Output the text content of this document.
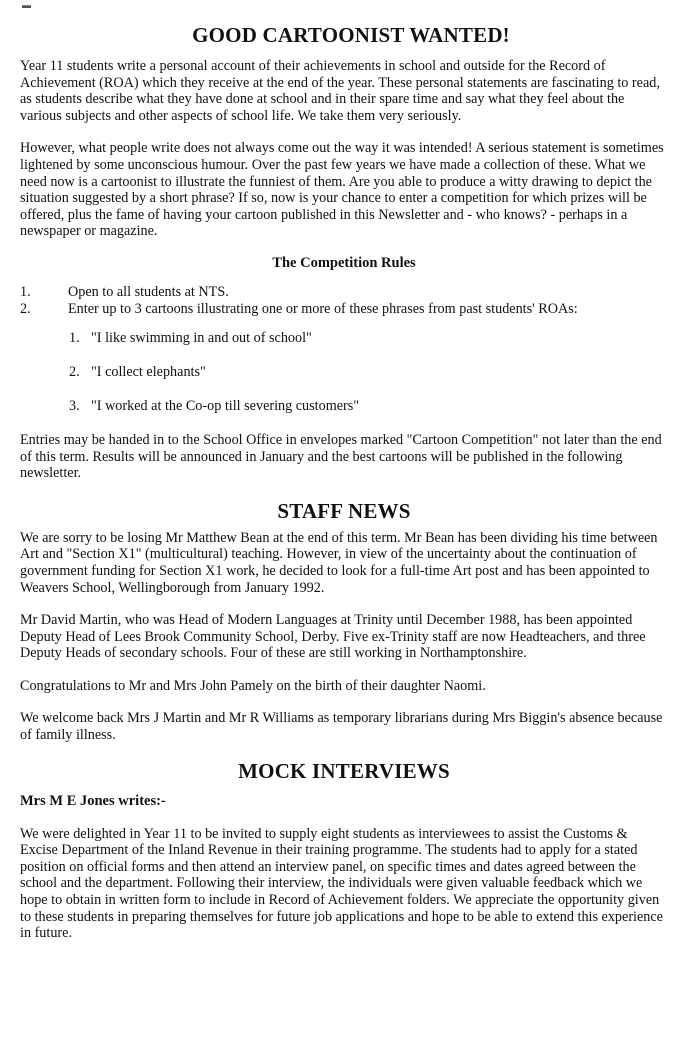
▬
GOOD CARTOONIST WANTED!

Year 11 students write a personal account of their achievements in school and outside for the Record of Achievement (ROA) which they receive at the end of the year. These personal statements are fascinating to read, as students describe what they have done at school and in their spare time and say what they feel about the various subjects and other aspects of school life. We take them very seriously.

However, what people write does not always come out the way it was intended! A serious statement is sometimes lightened by some unconscious humour. Over the past few years we have made a collection of these. What we need now is a cartoonist to illustrate the funniest of them. Are you able to produce a witty drawing to depict the situation suggested by a short phrase? If so, now is your chance to enter a competition for which prizes will be offered, plus the fame of having your cartoon published in this Newsletter and - who knows? - perhaps in a newspaper or magazine.

The Competition Rules
1.	Open to all students at NTS.
2.	Enter up to 3 cartoons illustrating one or more of these phrases from past students' ROAs:
1. "I like swimming in and out of school"
2. "I collect elephants"
3. "I worked at the Co-op till severing customers"

Entries may be handed in to the School Office in envelopes marked "Cartoon Competition" not later than the end of this term. Results will be announced in January and the best cartoons will be published in the following newsletter.

STAFF NEWS

We are sorry to be losing Mr Matthew Bean at the end of this term. Mr Bean has been dividing his time between Art and "Section X1" (multicultural) teaching. However, in view of the uncertainty about the continuation of government funding for Section X1 work, he decided to look for a full-time Art post and has been appointed to Weavers School, Wellingborough from January 1992.

Mr David Martin, who was Head of Modern Languages at Trinity until December 1988, has been appointed Deputy Head of Lees Brook Community School, Derby. Five ex-Trinity staff are now Headteachers, and three Deputy Heads of secondary schools. Four of these are still working in Northamptonshire.

Congratulations to Mr and Mrs John Pamely on the birth of their daughter Naomi.

We welcome back Mrs J Martin and Mr R Williams as temporary librarians during Mrs Biggin's absence because of family illness.

MOCK INTERVIEWS
Mrs M E Jones writes:-

We were delighted in Year 11 to be invited to supply eight students as interviewees to assist the Customs & Excise Department of the Inland Revenue in their training programme. The students had to apply for a stated position on official forms and then attend an interview panel, on specific times and dates agreed between the school and the department. Following their interview, the individuals were given valuable feedback which we hope to obtain in written form to include in Record of Achievement folders. We appreciate the opportunity given to these students in preparing themselves for future job applications and hope to be able to extend this experience in future.
